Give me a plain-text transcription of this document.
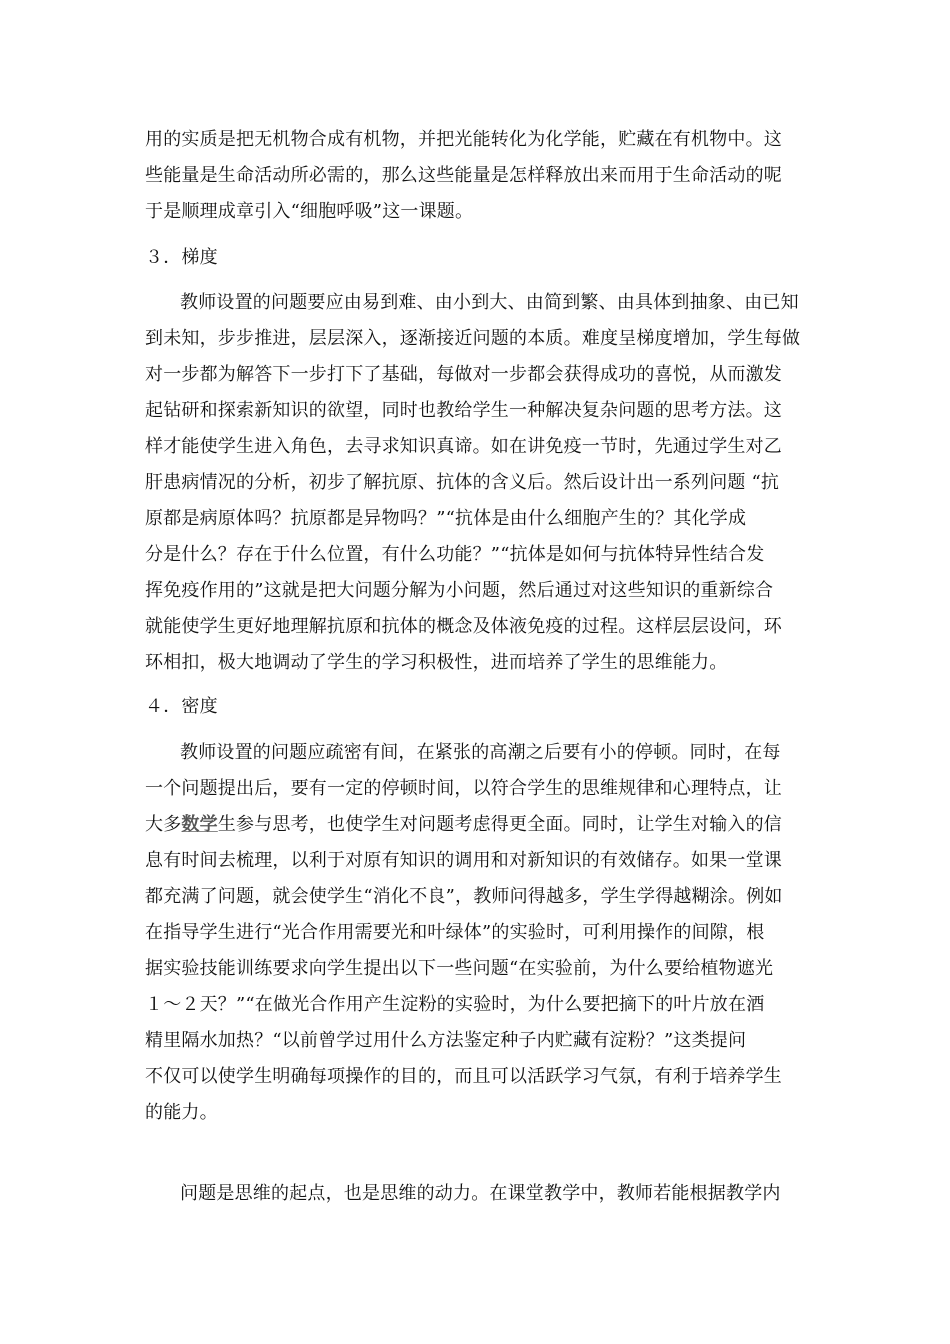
用的实质是把无机物合成有机物，并把光能转化为化学能，贮藏在有机物中。这
些能量是生命活动所必需的，那么这些能量是怎样释放出来而用于生命活动的呢
于是顺理成章引入“细胞呼吸”这一课题。
３．梯度
教师设置的问题要应由易到难、由小到大、由简到繁、由具体到抽象、由已知
到未知，步步推进，层层深入，逐渐接近问题的本质。难度呈梯度增加，学生每做
对一步都为解答下一步打下了基础，每做对一步都会获得成功的喜悦，从而激发
起钻研和探索新知识的欲望，同时也教给学生一种解决复杂问题的思考方法。这
样才能使学生进入角色，去寻求知识真谛。如在讲免疫一节时，先通过学生对乙
肝患病情况的分析，初步了解抗原、抗体的含义后。然后设计出一系列问题 “抗
原都是病原体吗？抗原都是异物吗？”“抗体是由什么细胞产生的？其化学成
分是什么？存在于什么位置，有什么功能？”“抗体是如何与抗体特异性结合发
挥免疫作用的”这就是把大问题分解为小问题，然后通过对这些知识的重新综合
就能使学生更好地理解抗原和抗体的概念及体液免疫的过程。这样层层设问，环
环相扣，极大地调动了学生的学习积极性，进而培养了学生的思维能力。
４．密度
教师设置的问题应疏密有间，在紧张的高潮之后要有小的停顿。同时，在每
一个问题提出后，要有一定的停顿时间，以符合学生的思维规律和心理特点，让
大多数学生参与思考，也使学生对问题考虑得更全面。同时，让学生对输入的信
息有时间去梳理，以利于对原有知识的调用和对新知识的有效储存。如果一堂课
都充满了问题，就会使学生“消化不良”，教师问得越多，学生学得越糊涂。例如
在指导学生进行“光合作用需要光和叶绿体”的实验时，可利用操作的间隙，根
据实验技能训练要求向学生提出以下一些问题“在实验前，为什么要给植物遮光
１～２天？”“在做光合作用产生淀粉的实验时，为什么要把摘下的叶片放在酒
精里隔水加热？“以前曾学过用什么方法鉴定种子内贮藏有淀粉？”这类提问
不仅可以使学生明确每项操作的目的，而且可以活跃学习气氛，有利于培养学生
的能力。
问题是思维的起点，也是思维的动力。在课堂教学中，教师若能根据教学内
